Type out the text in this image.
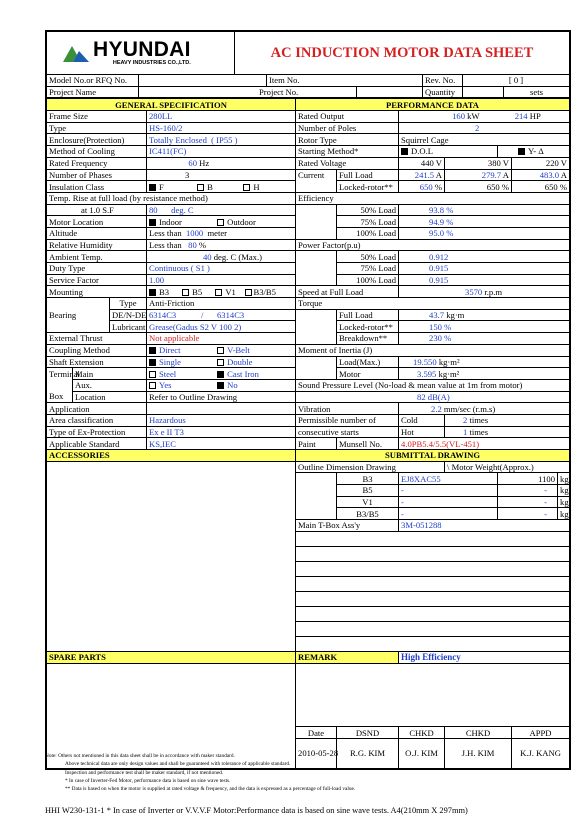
HYUNDAI
HEAVY INDUSTRIES CO.,LTD.
	AC INDUCTION MOTOR DATA SHEET
Model No.or RFQ No.		Item No.		Rev. No.	[ 0 ]	
Project Name	Project No.			Quantity		sets
GENERAL SPECIFICATION				PERFORMANCE DATA						
Frame Size			280LL	Rated Output		160 kW 214 HP				
Type			HS-160/2	Number of Poles		2				
Enclosure(Protection)			Totally Enclosed ( IP55 )	Rotor Type		Squirrel Cage				
Method of Cooling			IC411(FC)	Starting Method*		D.O.L		Y- Δ		
Rated Frequency			60 Hz	Rated Voltage		440 V	380 V		220 V	
Number of Phases			3	Current	Full Load	241.5 A	279.7 A		483.0 A	
Insulation Class			F B H		Locked-rotor**	650 %	650 %		650 %	
Temp. Rise at full load (by resistance method)				Efficiency						
at 1.0 S.F			80 deg. C		50% Load	93.8 %				
Motor Location			Indoor Outdoor		75% Load	94.9 %				
Altitude			Less than 1000 meter		100% Load	95.0 %				
Relative Humidity			Less than 80 %	Power Factor(p.u)						
Ambient Temp.			40 deg. C (Max.)		50% Load	0.912				
Duty Type			Continuous ( S1 )		75% Load	0.915				
Service Factor			1.00		100% Load	0.915				
Mounting			B3 B5 V1 B3/B5	Speed at Full Load		3570 r.p.m				
Bearing		Type	Anti-Friction	Torque						
		DE/N-DE	6314C3 / 6314C3		Full Load	43.7 kg·m				
		Lubricant	Grease(Gadus S2 V 100 2)		Locked-rotor**	150 %				
External Thrust			Not applicable		Breakdown**	230 %				
Coupling Method			Direct V-Belt	Moment of Inertia (J)						
Shaft Extension			Single Double		Load(Max.)	19.550 kg·m²				
Terminal

Box	Main		Steel Cast Iron		Motor	3.595 kg·m²				
	Aux.		Yes No	Sound Pressure Level (No-load & mean value at 1m from motor)						
	Location		Refer to Outline Drawing	82 dB(A)						
Application				Vibration		2.2 mm/sec (r.m.s)				
Area classification			Hazardous	Permissible number of		Cold	2 times			
Type of Ex-Protection			Ex e II T3	consecutive starts		Hot	1 times			
Applicable Standard			KS,IEC	Paint	Munsell No.	4.0PB5.4/5.5(VL-451)				
ACCESSORIES				SUBMITTAL DRAWING						
				Outline Dimension Drawing			\ Motor Weight(Approx.)			
					B3	EJ8XAC55		1100		kg
					B5	-		-		kg
					V1	-		-		kg
					B3/B5	-		-		kg
				Main T-Box Ass'y		3M-051288				

SPARE PARTS				REMARK		High Efficiency				

				Date	DSND	CHKD	CHKD		APPD	
				2010-05-28	R.G. KIM	O.J. KIM	J.H. KIM		K.J. KANG	
Note: Others not mentioned in this data sheet shall be in accordance with maker standard.
Above technical data are only design values and shall be guaranteed with tolerance of applicable standard.
Inspection and performance test shall be maker standard, if not mentioned.
* In case of Inverter-Fed Motor, performance data is based on sine wave tests.
** Data is based on when the motor is supplied at rated voltage & frequency, and the data is expressed as a percentage of full-load value.
HHI W230-131-1 * In case of Inverter or V.V.V.F Motor:Performance data is based on sine wave tests. A4(210mm X 297mm)
